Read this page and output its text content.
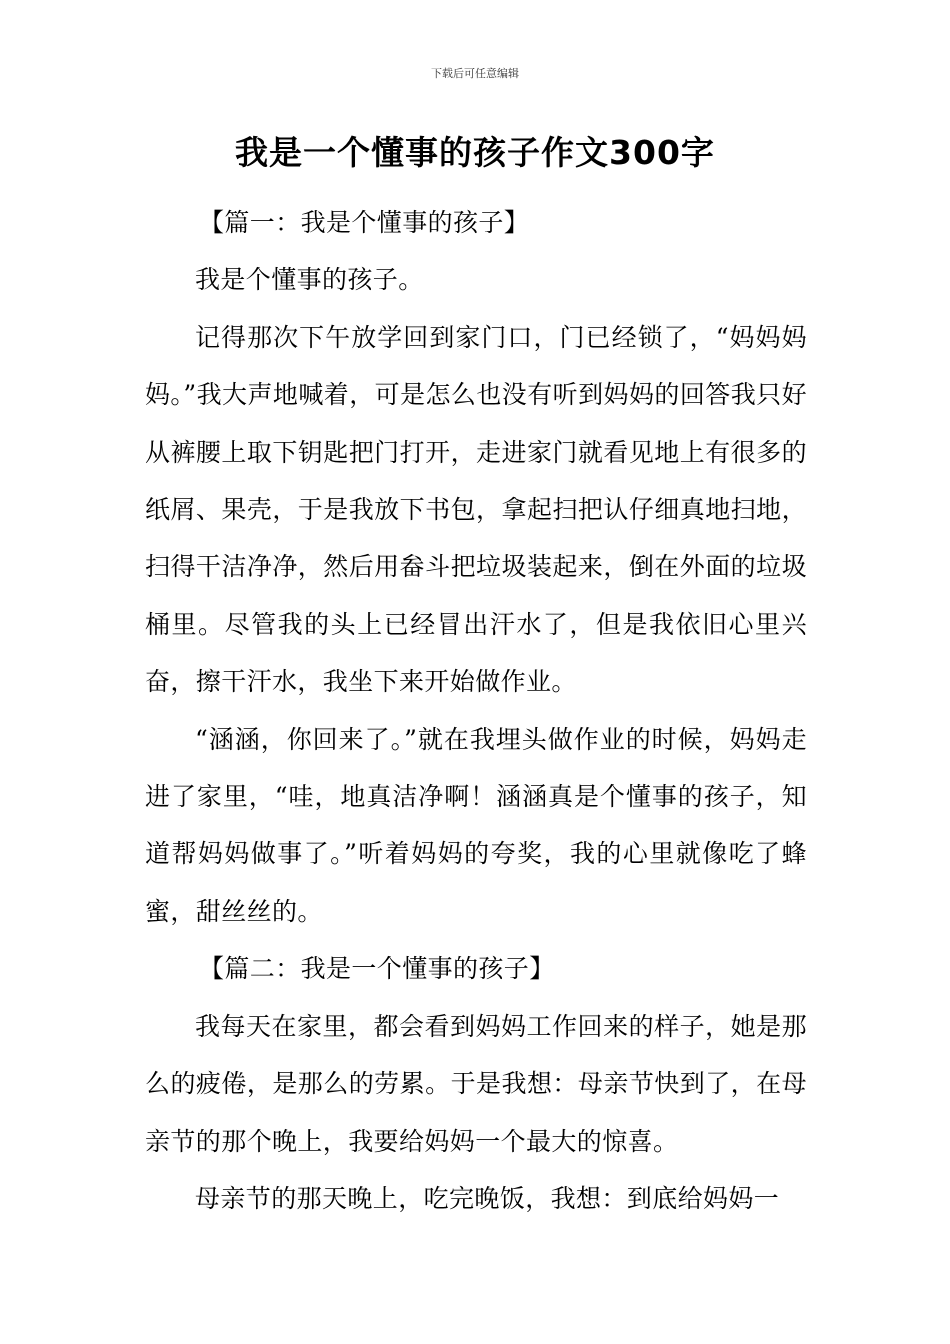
下载后可任意编辑
我是一个懂事的孩子作文300字

【篇一：我是个懂事的孩子】

我是个懂事的孩子。

记得那次下午放学回到家门口，门已经锁了，“妈妈妈妈。”我大声地喊着，可是怎么也没有听到妈妈的回答我只好从裤腰上取下钥匙把门打开，走进家门就看见地上有很多的纸屑、果壳，于是我放下书包，拿起扫把认仔细真地扫地，扫得干洁净净，然后用畚斗把垃圾装起来，倒在外面的垃圾桶里。尽管我的头上已经冒出汗水了，但是我依旧心里兴奋，擦干汗水，我坐下来开始做作业。

“涵涵，你回来了。”就在我埋头做作业的时候，妈妈走进了家里，“哇，地真洁净啊！涵涵真是个懂事的孩子，知道帮妈妈做事了。”听着妈妈的夸奖，我的心里就像吃了蜂蜜，甜丝丝的。

【篇二：我是一个懂事的孩子】

我每天在家里，都会看到妈妈工作回来的样子，她是那么的疲倦，是那么的劳累。于是我想：母亲节快到了，在母亲节的那个晚上，我要给妈妈一个最大的惊喜。

母亲节的那天晚上，吃完晚饭，我想：到底给妈妈一
